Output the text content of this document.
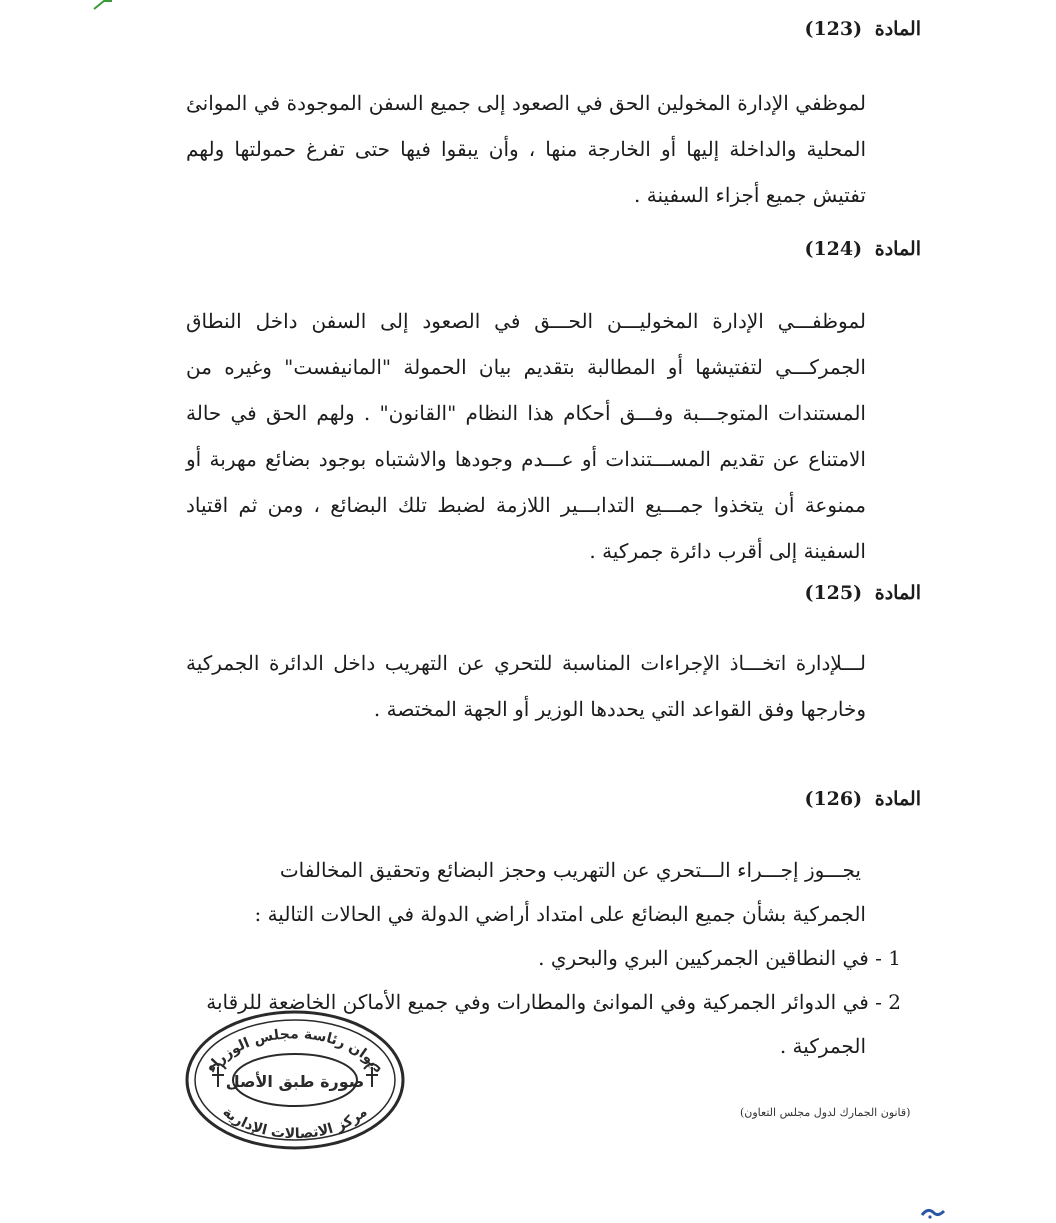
المادة (123)
لموظفي الإدارة المخولين الحق في الصعود إلى جميع السفن الموجودة في الموانئ المحلية والداخلة إليها أو الخارجة منها ، وأن يبقوا فيها حتى تفرغ حمولتها ولهم تفتيش جميع أجزاء السفينة .
المادة (124)
لموظفـــي الإدارة المخوليـــن الحـــق في الصعود إلى السفن داخل النطاق الجمركـــي لتفتيشها أو المطالبة بتقديم بيان الحمولة "المانيفست" وغيره من المستندات المتوجـــبة وفـــق أحكام هذا النظام "القانون" . ولهم الحق في حالة الامتناع عن تقديم المســـتندات أو عـــدم وجودها والاشتباه بوجود بضائع مهربة أو ممنوعة أن يتخذوا جمـــيع التدابـــير اللازمة لضبط تلك البضائع ، ومن ثم اقتياد السفينة إلى أقرب دائرة جمركية .
المادة (125)
لـــلإدارة اتخـــاذ الإجراءات المناسبة للتحري عن التهريب داخل الدائرة الجمركية وخارجها وفق القواعد التي يحددها الوزير أو الجهة المختصة .
المادة (126)
يجـــوز إجـــراء الـــتحري عن التهريب وحجز البضائع وتحقيق المخالفات
الجمركية بشأن جميع البضائع على امتداد أراضي الدولة في الحالات التالية :
1 - في النطاقين الجمركيين البري والبحري .
2 - في الدوائر الجمركية وفي الموانئ والمطارات وفي جميع الأماكن الخاضعة للرقابة
الجمركية .
ديوان رئاسة مجلس الوزراء
صورة طبق الأصل
مركز الاتصالات الإدارية	(قانون الجمارك لدول مجلس التعاون)
